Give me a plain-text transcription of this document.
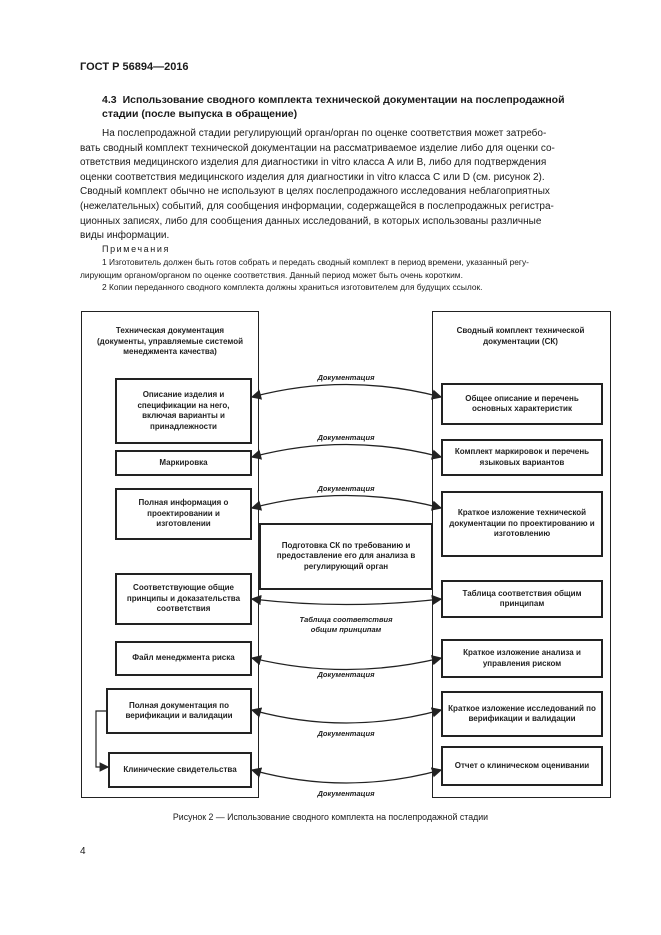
ГОСТ Р 56894—2016
4.3 Использование сводного комплекта технической документации на послепродажной
стадии (после выпуска в обращение)
На послепродажной стадии регулирующий орган/орган по оценке соответствия может затребо-
вать сводный комплект технической документации на рассматриваемое изделие либо для оценки со-
ответствия медицинского изделия для диагностики in vitro класса А или В, либо для подтверждения
оценки соответствия медицинского изделия для диагностики in vitro класса С или D (см. рисунок 2).
Сводный комплект обычно не используют в целях послепродажного исследования неблагоприятных
(нежелательных) событий, для сообщения информации, содержащейся в послепродажных регистра-
ционных записях, либо для сообщения данных исследований, в которых использованы различные
виды информации.
Примечания
1 Изготовитель должен быть готов собрать и передать сводный комплект в период времени, указанный регу-
лирующим органом/органом по оценке соответствия. Данный период может быть очень коротким.
2 Копии переданного сводного комплекта должны храниться изготовителем для будущих ссылок.
Техническая документация (документы, управляемые системой менеджмента качества)
Сводный комплект технической документации (СК)
Описание изделия и спецификации на него, включая варианты и принадлежности
Маркировка
Полная информация о проектировании и изготовлении
Соответствующие общие принципы и доказательства соответствия
Файл менеджмента риска
Полная документация по верификации и валидации
Клинические свидетельства
Подготовка СК по требованию и предоставление его для анализа в регулирующий орган
Общее описание и перечень основных характеристик
Комплект маркировок и перечень языковых вариантов
Краткое изложение технической документации по проектированию и изготовлению
Таблица соответствия общим принципам
Краткое изложение анализа и управления риском
Краткое изложение исследований по верификации и валидации
Отчет о клиническом оценивании
Документация
Документация
Документация
Таблица соответствия общим принципам
Документация
Документация
Документация
Рисунок 2 — Использование сводного комплекта на послепродажной стадии
4
